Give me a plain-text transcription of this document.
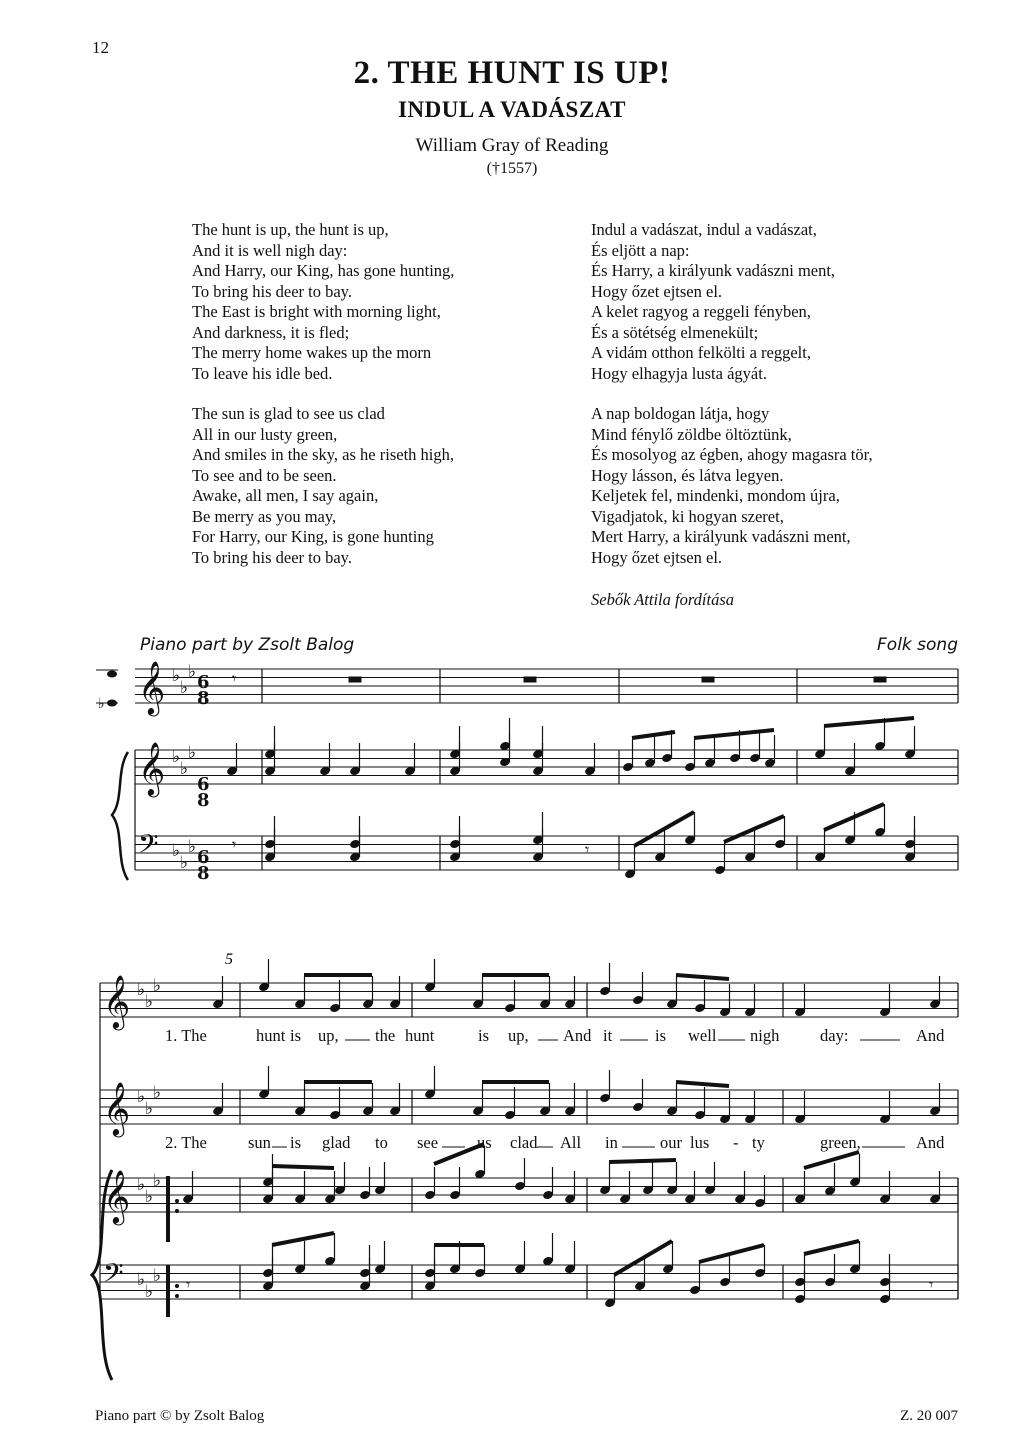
12
2. THE HUNT IS UP!
INDUL A VADÁSZAT
William Gray of Reading
(†1557)
The hunt is up, the hunt is up,
And it is well nigh day:
And Harry, our King, has gone hunting,
To bring his deer to bay.
The East is bright with morning light,
And darkness, it is fled;
The merry home wakes up the morn
To leave his idle bed.
The sun is glad to see us clad
All in our lusty green,
And smiles in the sky, as he riseth high,
To see and to be seen.
Awake, all men, I say again,
Be merry as you may,
For Harry, our King, is gone hunting
To bring his deer to bay.
Indul a vadászat, indul a vadászat,
És eljött a nap:
És Harry, a királyunk vadászni ment,
Hogy őzet ejtsen el.
A kelet ragyog a reggeli fényben,
És a sötétség elmenekült;
A vidám otthon felkölti a reggelt,
Hogy elhagyja lusta ágyát.
A nap boldogan látja, hogy
Mind fénylő zöldbe öltöztünk,
És mosolyog az égben, ahogy magasra tör,
Hogy lásson, és látva legyen.
Keljetek fel, mindenki, mondom újra,
Vigadjatok, ki hogyan szeret,
Mert Harry, a királyunk vadászni ment,
Hogy őzet ejtsen el.
Sebők Attila fordítása
Piano part by Zsolt Balog	Folk song
𝄞 ♭
♭
♭
𝄞 ♭
♭
♭
𝄢 ♭
♭
♭
𝄞 ♭
♭
♭
𝄞 ♭
♭
♭
𝄞 ♭
♭
♭
𝄢 ♭
♭
♭
𝄾
𝄾	𝄾
𝄾
𝄾
♭
5
6
8
6
8
6
8
1. The	hunt is up, the hunt	is up, And it	is well nigh day:	And
2. The sun is glad to see us clad All in	our lus - ty	green,	And
Piano part © by Zsolt Balog	Z. 20 007
